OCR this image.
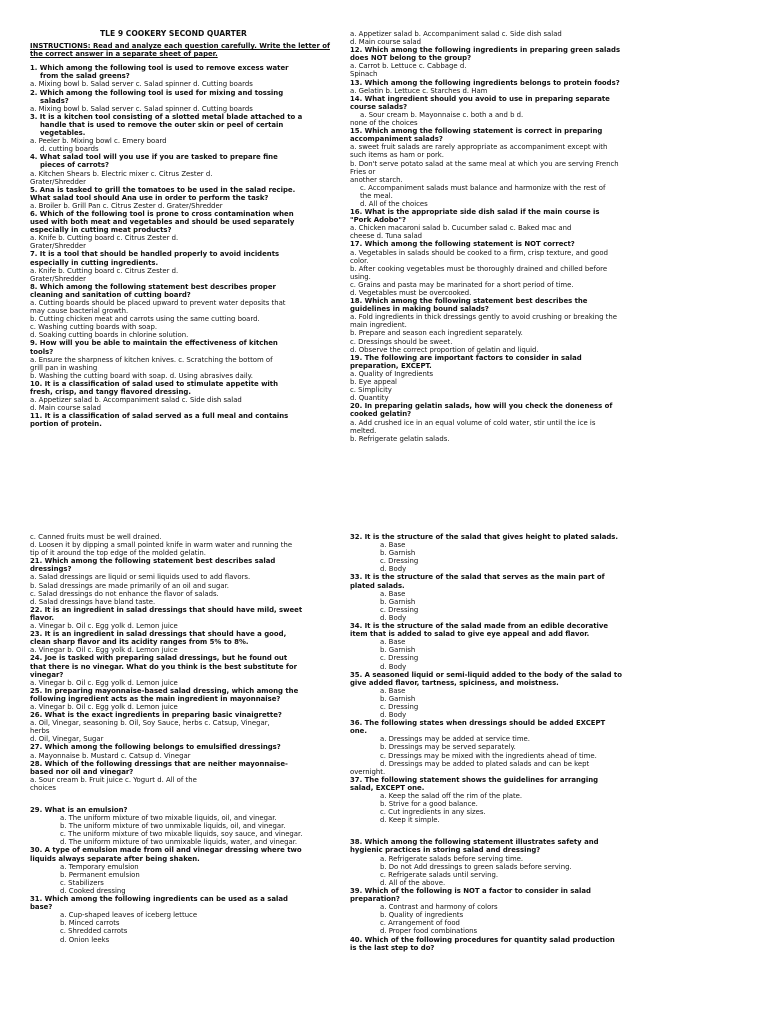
TLE 9 COOKERY SECOND QUARTER
INSTRUCTIONS: Read and analyze each question carefully. Write the letter of the correct answer in a separate sheet of paper.
1. Which among the following tool is used to remove excess water
from the salad greens?
a. Mixing bowl b. Salad server c. Salad spinner d. Cutting boards
2. Which among the following tool is used for mixing and tossing
salads?
a. Mixing bowl b. Salad server c. Salad spinner d. Cutting boards
3. It is a kitchen tool consisting of a slotted metal blade attached to a
handle that is used to remove the outer skin or peel of certain
vegetables.
a. Peeler b. Mixing bowl c. Emery board
d. cutting boards
4. What salad tool will you use if you are tasked to prepare fine
pieces of carrots?
a. Kitchen Shears b. Electric mixer c. Citrus Zester d.
Grater/Shredder
5. Ana is tasked to grill the tomatoes to be used in the salad recipe.
What salad tool should Ana use in order to perform the task?
a. Broiler b. Grill Pan c. Citrus Zester d. Grater/Shredder
6. Which of the following tool is prone to cross contamination when
used with both meat and vegetables and should be used separately
especially in cutting meat products?
a. Knife b. Cutting board c. Citrus Zester d.
Grater/Shredder
7. It is a tool that should be handled properly to avoid incidents
especially in cutting ingredients.
a. Knife b. Cutting board c. Citrus Zester d.
Grater/Shredder
8. Which among the following statement best describes proper
cleaning and sanitation of cutting board?
a. Cutting boards should be placed upward to prevent water deposits that
may cause bacterial growth.
b. Cutting chicken meat and carrots using the same cutting board.
c. Washing cutting boards with soap.
d. Soaking cutting boards in chlorine solution.
9. How will you be able to maintain the effectiveness of kitchen
tools?
a. Ensure the sharpness of kitchen knives. c. Scratching the bottom of
grill pan in washing
b. Washing the cutting board with soap. d. Using abrasives daily.
10. It is a classification of salad used to stimulate appetite with
fresh, crisp, and tangy flavored dressing.
a. Appetizer salad b. Accompaniment salad c. Side dish salad
d. Main course salad
11. It is a classification of salad served as a full meal and contains
portion of protein.
a. Appetizer salad b. Accompaniment salad c. Side dish salad
d. Main course salad
12. Which among the following ingredients in preparing green salads
does NOT belong to the group?
a. Carrot b. Lettuce c. Cabbage d.
Spinach
13. Which among the following ingredients belongs to protein foods?
a. Gelatin b. Lettuce c. Starches d. Ham
14. What ingredient should you avoid to use in preparing separate
course salads?
a. Sour cream b. Mayonnaise c. both a and b d.
none of the choices
15. Which among the following statement is correct in preparing
accompaniment salads?
a. sweet fruit salads are rarely appropriate as accompaniment except with
such items as ham or pork.
b. Don't serve potato salad at the same meal at which you are serving French
Fries or
another starch.
c. Accompaniment salads must balance and harmonize with the rest of
the meal.
d. All of the choices
16. What is the appropriate side dish salad if the main course is
"Pork Adobo"?
a. Chicken macaroni salad b. Cucumber salad c. Baked mac and
cheese d. Tuna salad
17. Which among the following statement is NOT correct?
a. Vegetables in salads should be cooked to a firm, crisp texture, and good
color.
b. After cooking vegetables must be thoroughly drained and chilled before
using.
c. Grains and pasta may be marinated for a short period of time.
d. Vegetables must be overcooked.
18. Which among the following statement best describes the
guidelines in making bound salads?
a. Fold ingredients in thick dressings gently to avoid crushing or breaking the
main ingredient.
b. Prepare and season each ingredient separately.
c. Dressings should be sweet.
d. Observe the correct proportion of gelatin and liquid.
19. The following are important factors to consider in salad
preparation, EXCEPT.
a. Quality of Ingredients
b. Eye appeal
c. Simplicity
d. Quantity
20. In preparing gelatin salads, how will you check the doneness of
cooked gelatin?
a. Add crushed ice in an equal volume of cold water, stir until the ice is
melted.
b. Refrigerate gelatin salads.
c. Canned fruits must be well drained.
d. Loosen it by dipping a small pointed knife in warm water and running the
tip of it around the top edge of the molded gelatin.
21. Which among the following statement best describes salad
dressings?
a. Salad dressings are liquid or semi liquids used to add flavors.
b. Salad dressings are made primarily of an oil and sugar.
c. Salad dressings do not enhance the flavor of salads.
d. Salad dressings have bland taste.
22. It is an ingredient in salad dressings that should have mild, sweet
flavor.
a. Vinegar b. Oil c. Egg yolk d. Lemon juice
23. It is an ingredient in salad dressings that should have a good,
clean sharp flavor and its acidity ranges from 5% to 8%.
a. Vinegar b. Oil c. Egg yolk d. Lemon juice
24. Joe is tasked with preparing salad dressings, but he found out
that there is no vinegar. What do you think is the best substitute for
vinegar?
a. Vinegar b. Oil c. Egg yolk d. Lemon juice
25. In preparing mayonnaise-based salad dressing, which among the
following ingredient acts as the main ingredient in mayonnaise?
a. Vinegar b. Oil c. Egg yolk d. Lemon juice
26. What is the exact ingredients in preparing basic vinaigrette?
a. Oil, Vinegar, seasoning b. Oil, Soy Sauce, herbs c. Catsup, Vinegar,
herbs
d. Oil, Vinegar, Sugar
27. Which among the following belongs to emulsified dressings?
a. Mayonnaise b. Mustard c. Catsup d. Vinegar
28. Which of the following dressings that are neither mayonnaise-
based nor oil and vinegar?
a. Sour cream b. Fruit juice c. Yogurt d. All of the
choices
29. What is an emulsion?
a. The uniform mixture of two mixable liquids, oil, and vinegar.
b. The uniform mixture of two unmixable liquids, oil, and vinegar.
c. The uniform mixture of two mixable liquids, soy sauce, and vinegar.
d. The uniform mixture of two unmixable liquids, water, and vinegar.
30. A type of emulsion made from oil and vinegar dressing where two
liquids always separate after being shaken.
a. Temporary emulsion
b. Permanent emulsion
c. Stabilizers
d. Cooked dressing
31. Which among the following ingredients can be used as a salad
base?
a. Cup-shaped leaves of iceberg lettuce
b. Minced carrots
c. Shredded carrots
d. Onion leeks
32. It is the structure of the salad that gives height to plated salads.
a. Base
b. Garnish
c. Dressing
d. Body
33. It is the structure of the salad that serves as the main part of
plated salads.
a. Base
b. Garnish
c. Dressing
d. Body
34. It is the structure of the salad made from an edible decorative
item that is added to salad to give eye appeal and add flavor.
a. Base
b. Garnish
c. Dressing
d. Body
35. A seasoned liquid or semi-liquid added to the body of the salad to
give added flavor, tartness, spiciness, and moistness.
a. Base
b. Garnish
c. Dressing
d. Body
36. The following states when dressings should be added EXCEPT
one.
a. Dressings may be added at service time.
b. Dressings may be served separately.
c. Dressings may be mixed with the ingredients ahead of time.
d. Dressings may be added to plated salads and can be kept
overnight.
37. The following statement shows the guidelines for arranging
salad, EXCEPT one.
a. Keep the salad off the rim of the plate.
b. Strive for a good balance.
c. Cut ingredients in any sizes.
d. Keep it simple.
38. Which among the following statement illustrates safety and
hygienic practices in storing salad and dressing?
a. Refrigerate salads before serving time.
b. Do not Add dressings to green salads before serving.
c. Refrigerate salads until serving.
d. All of the above.
39. Which of the following is NOT a factor to consider in salad
preparation?
a. Contrast and harmony of colors
b. Quality of ingredients
c. Arrangement of food
d. Proper food combinations
40. Which of the following procedures for quantity salad production
is the last step to do?
